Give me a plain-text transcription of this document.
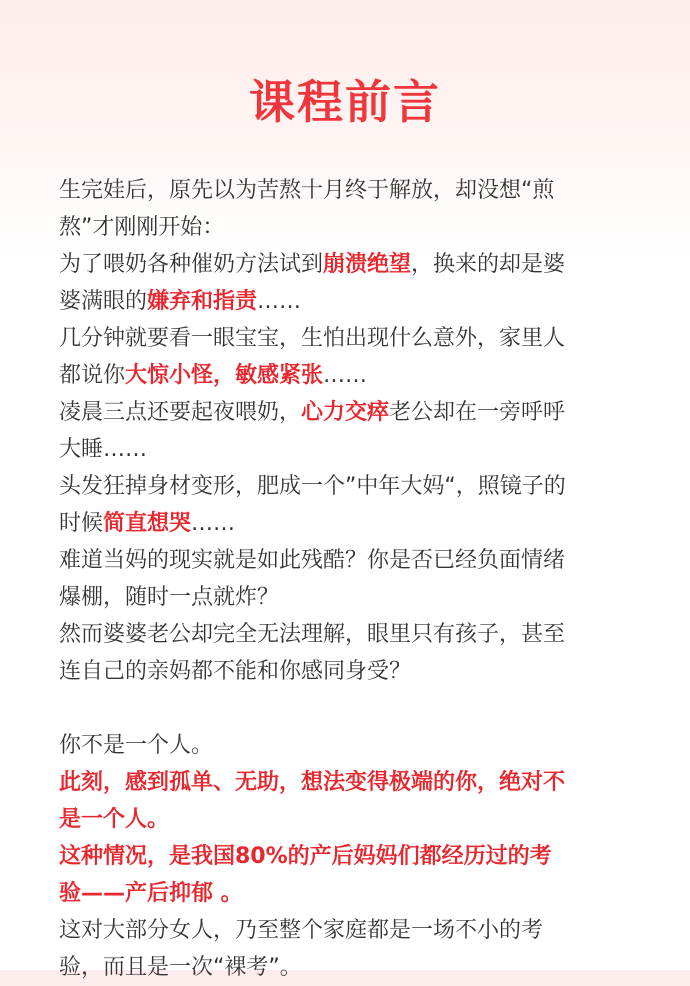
课程前言
生完娃后，原先以为苦熬十月终于解放，却没想“煎
熬”才刚刚开始：
为了喂奶各种催奶方法试到崩溃绝望，换来的却是婆
婆满眼的嫌弃和指责……
几分钟就要看一眼宝宝，生怕出现什么意外，家里人
都说你大惊小怪，敏感紧张……
凌晨三点还要起夜喂奶，心力交瘁老公却在一旁呼呼
大睡……
头发狂掉身材变形，肥成一个”中年大妈“，照镜子的
时候简直想哭……
难道当妈的现实就是如此残酷？你是否已经负面情绪
爆棚，随时一点就炸？
然而婆婆老公却完全无法理解，眼里只有孩子，甚至
连自己的亲妈都不能和你感同身受？
你不是一个人。
此刻，感到孤单、无助，想法变得极端的你，绝对不
是一个人。
这种情况，是我国80%的产后妈妈们都经历过的考
验——产后抑郁 。
这对大部分女人，乃至整个家庭都是一场不小的考
验，而且是一次“裸考”。
